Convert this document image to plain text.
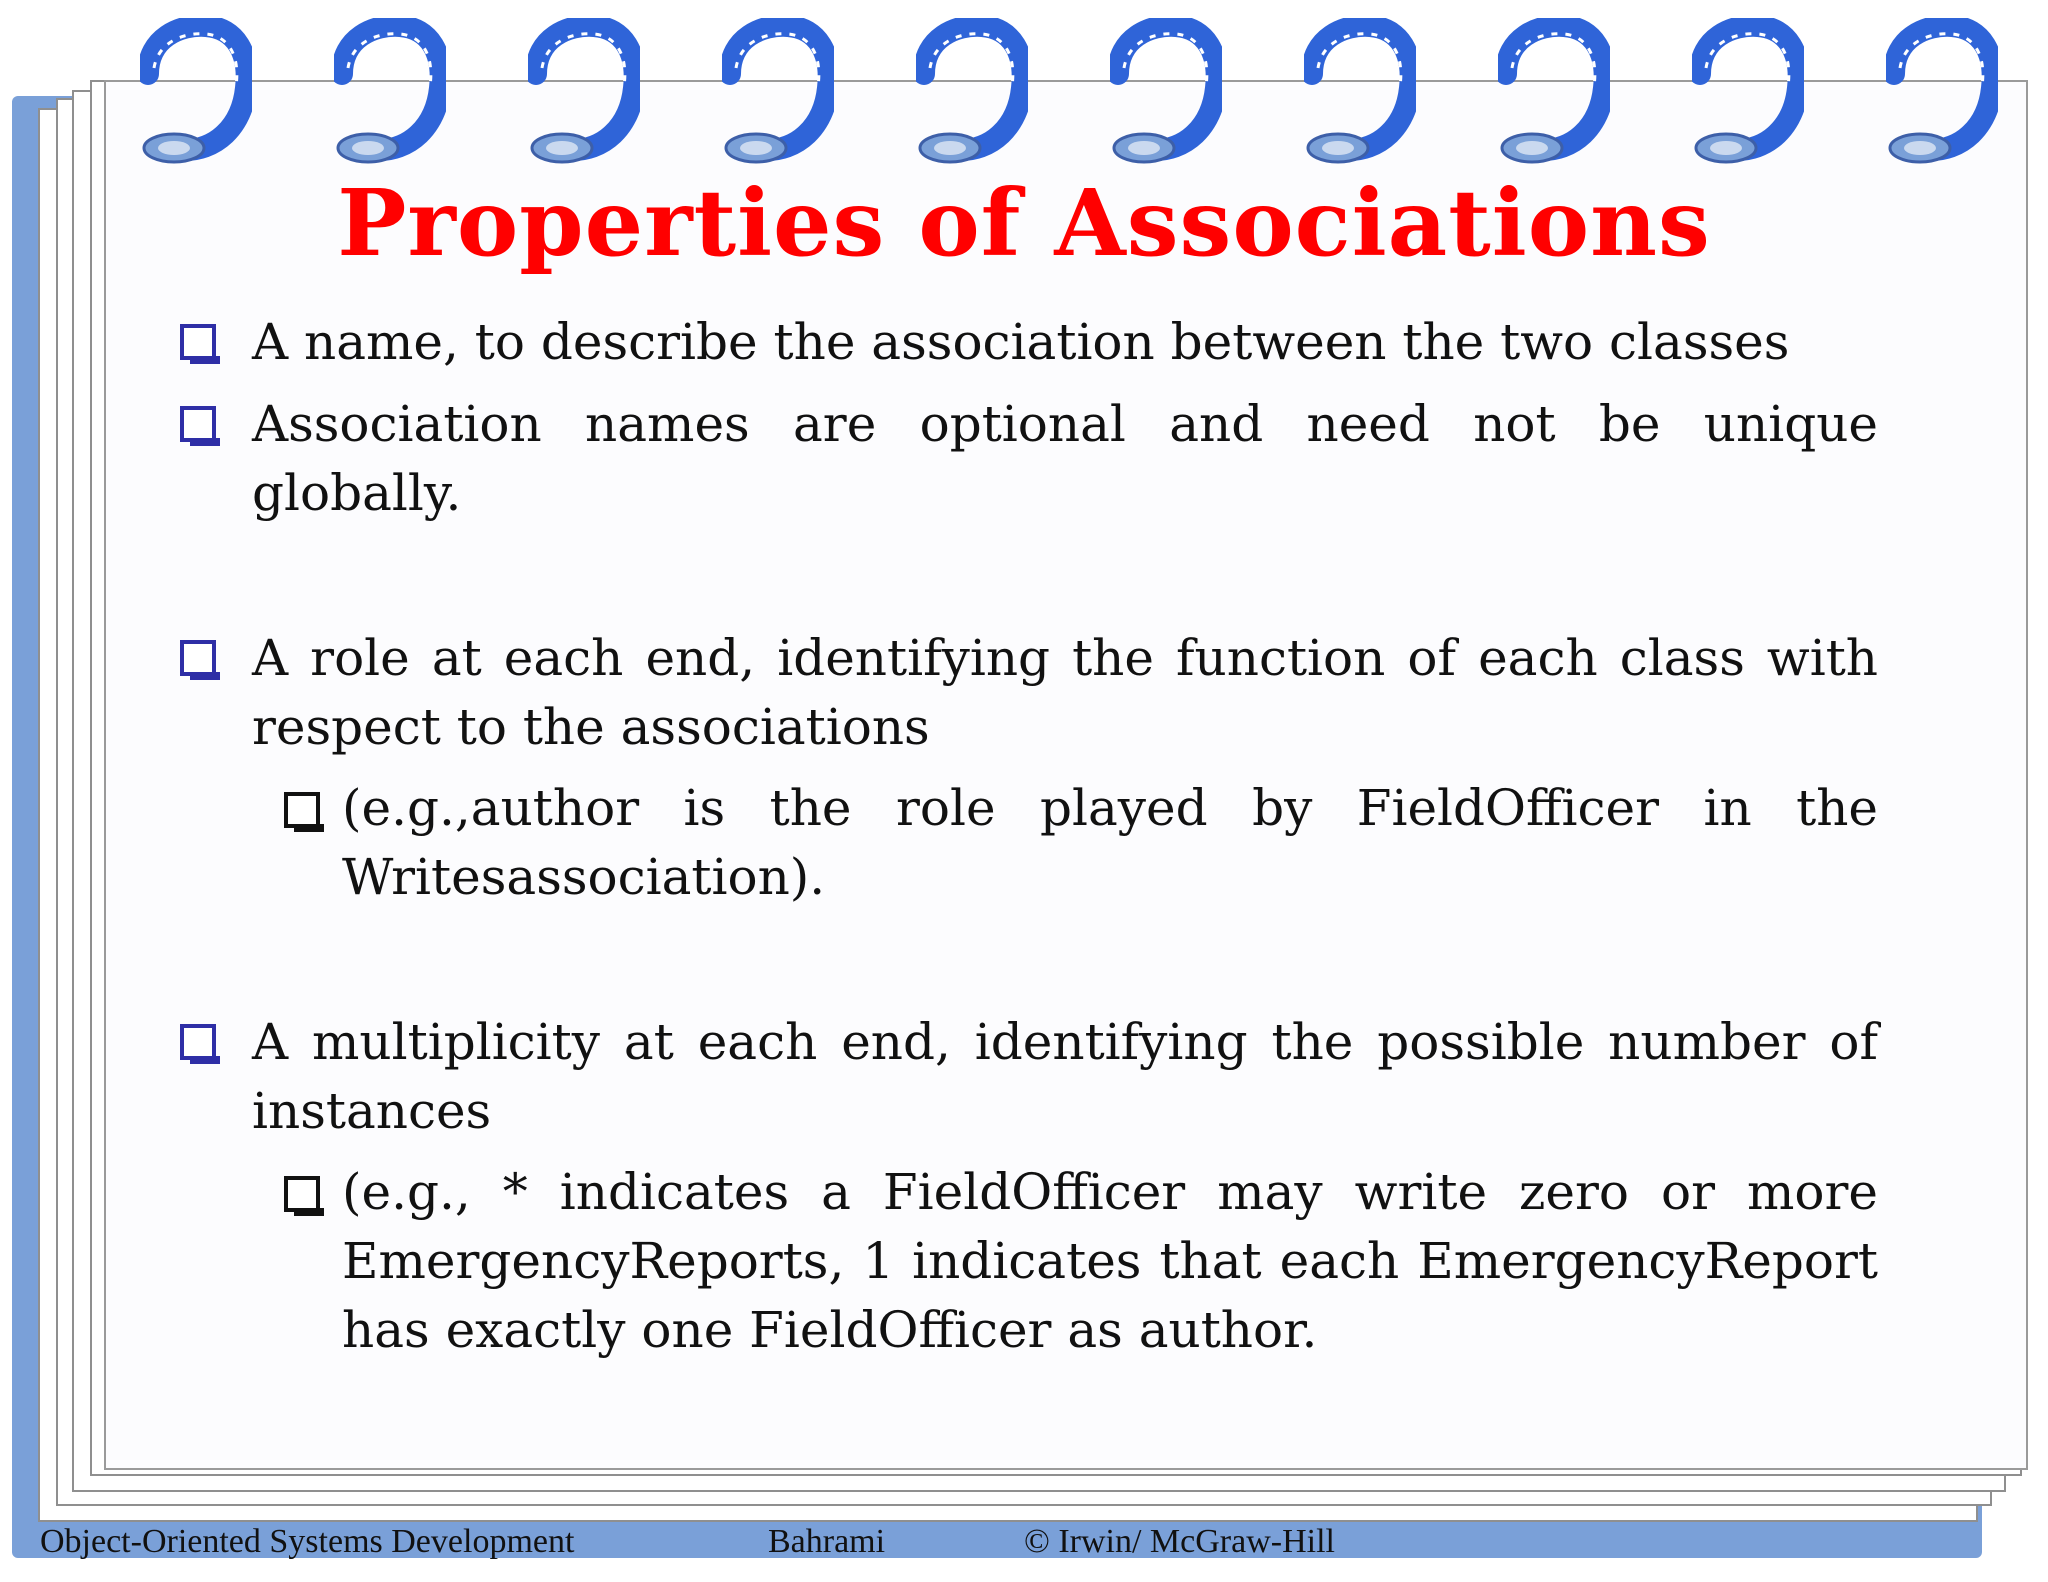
Properties of Associations

A name, to describe the association between the two classes

Association names are optional and need not be unique globally.

A role at each end, identifying the function of each class with respect to the associations

(e.g.,author is the role played by FieldOfficer in the Writesassociation).

A multiplicity at each end, identifying the possible number of instances

(e.g., * indicates a FieldOfficer may write zero or more EmergencyReports, 1 indicates that each EmergencyReport has exactly one FieldOfficer as author.

Object-Oriented Systems Development	Bahrami	© Irwin/ McGraw-Hill
